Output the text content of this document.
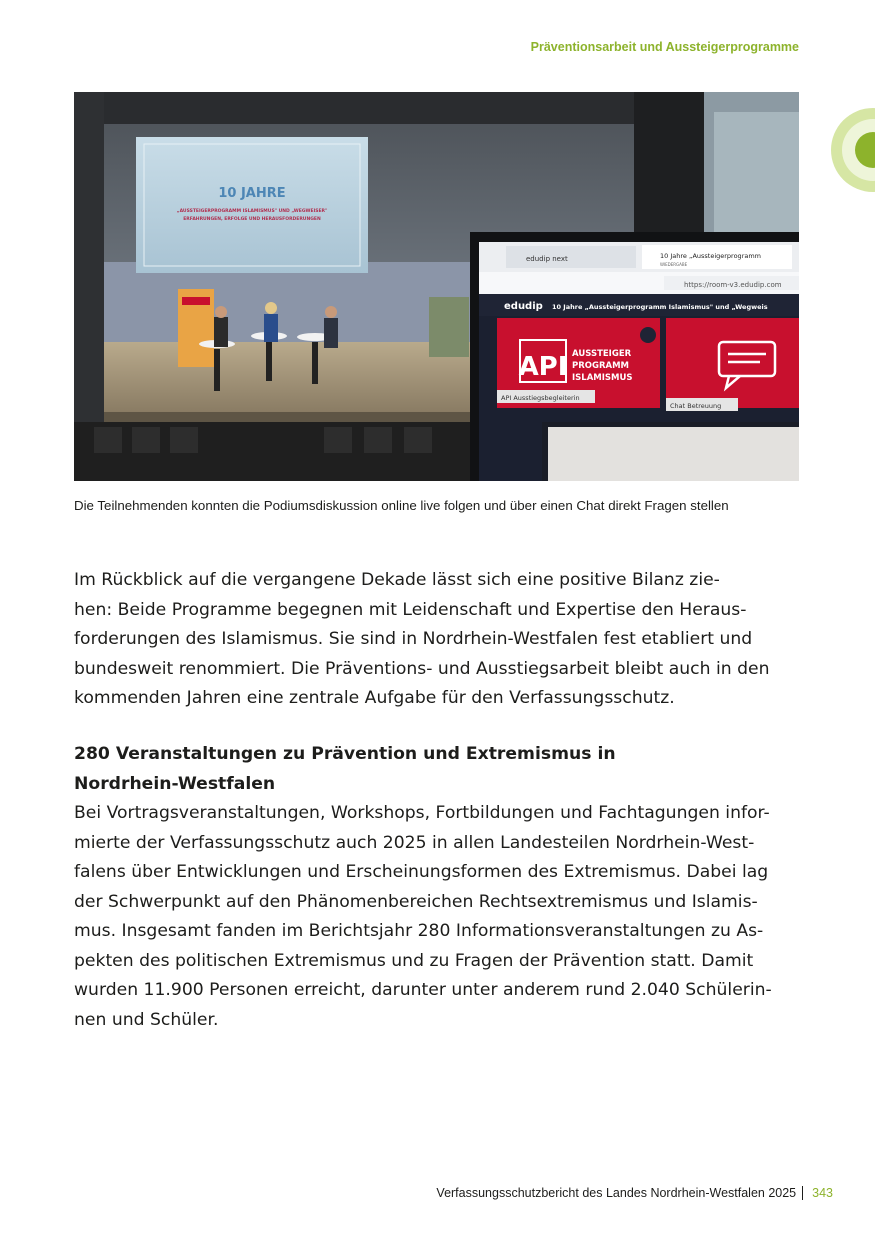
Präventionsarbeit und Aussteigerprogramme
10 JAHRE
„AUSSTEIGERPROGRAMM ISLAMISMUS" UND „WEGWEISER"
ERFAHRUNGEN, ERFOLGE UND HERAUSFORDERUNGEN
edudip next	10 Jahre „Aussteigerprogramm
WIEDERGABE
https://room-v3.edudip.com
edudip 10 Jahre „Aussteigerprogramm Islamismus" und „Wegweis
API AUSSTEIGER
PROGRAMM
ISLAMISMUS
API Ausstiegsbegleiterin
Chat Betreuung
Die Teilnehmenden konnten die Podiumsdiskussion online live folgen und über einen Chat direkt Fragen stellen

Im Rückblick auf die vergangene Dekade lässt sich eine positive Bilanz zie-
hen: Beide Programme begegnen mit Leidenschaft und Expertise den Heraus-
forderungen des Islamismus. Sie sind in Nordrhein-Westfalen fest etabliert und
bundesweit renommiert. Die Präventions- und Ausstiegsarbeit bleibt auch in den
kommenden Jahren eine zentrale Aufgabe für den Verfassungsschutz.

280 Veranstaltungen zu Prävention und Extremismus in
Nordrhein-Westfalen

Bei Vortragsveranstaltungen, Workshops, Fortbildungen und Fachtagungen infor-
mierte der Verfassungsschutz auch 2025 in allen Landesteilen Nordrhein-West-
falens über Entwicklungen und Erscheinungsformen des Extremismus. Dabei lag
der Schwerpunkt auf den Phänomenbereichen Rechtsextremismus und Islamis-
mus. Insgesamt fanden im Berichtsjahr 280 Informationsveranstaltungen zu As-
pekten des politischen Extremismus und zu Fragen der Prävention statt. Damit
wurden 11.900 Personen erreicht, darunter unter anderem rund 2.040 Schülerin-
nen und Schüler.

Verfassungsschutzbericht des Landes Nordrhein-Westfalen 2025 343
